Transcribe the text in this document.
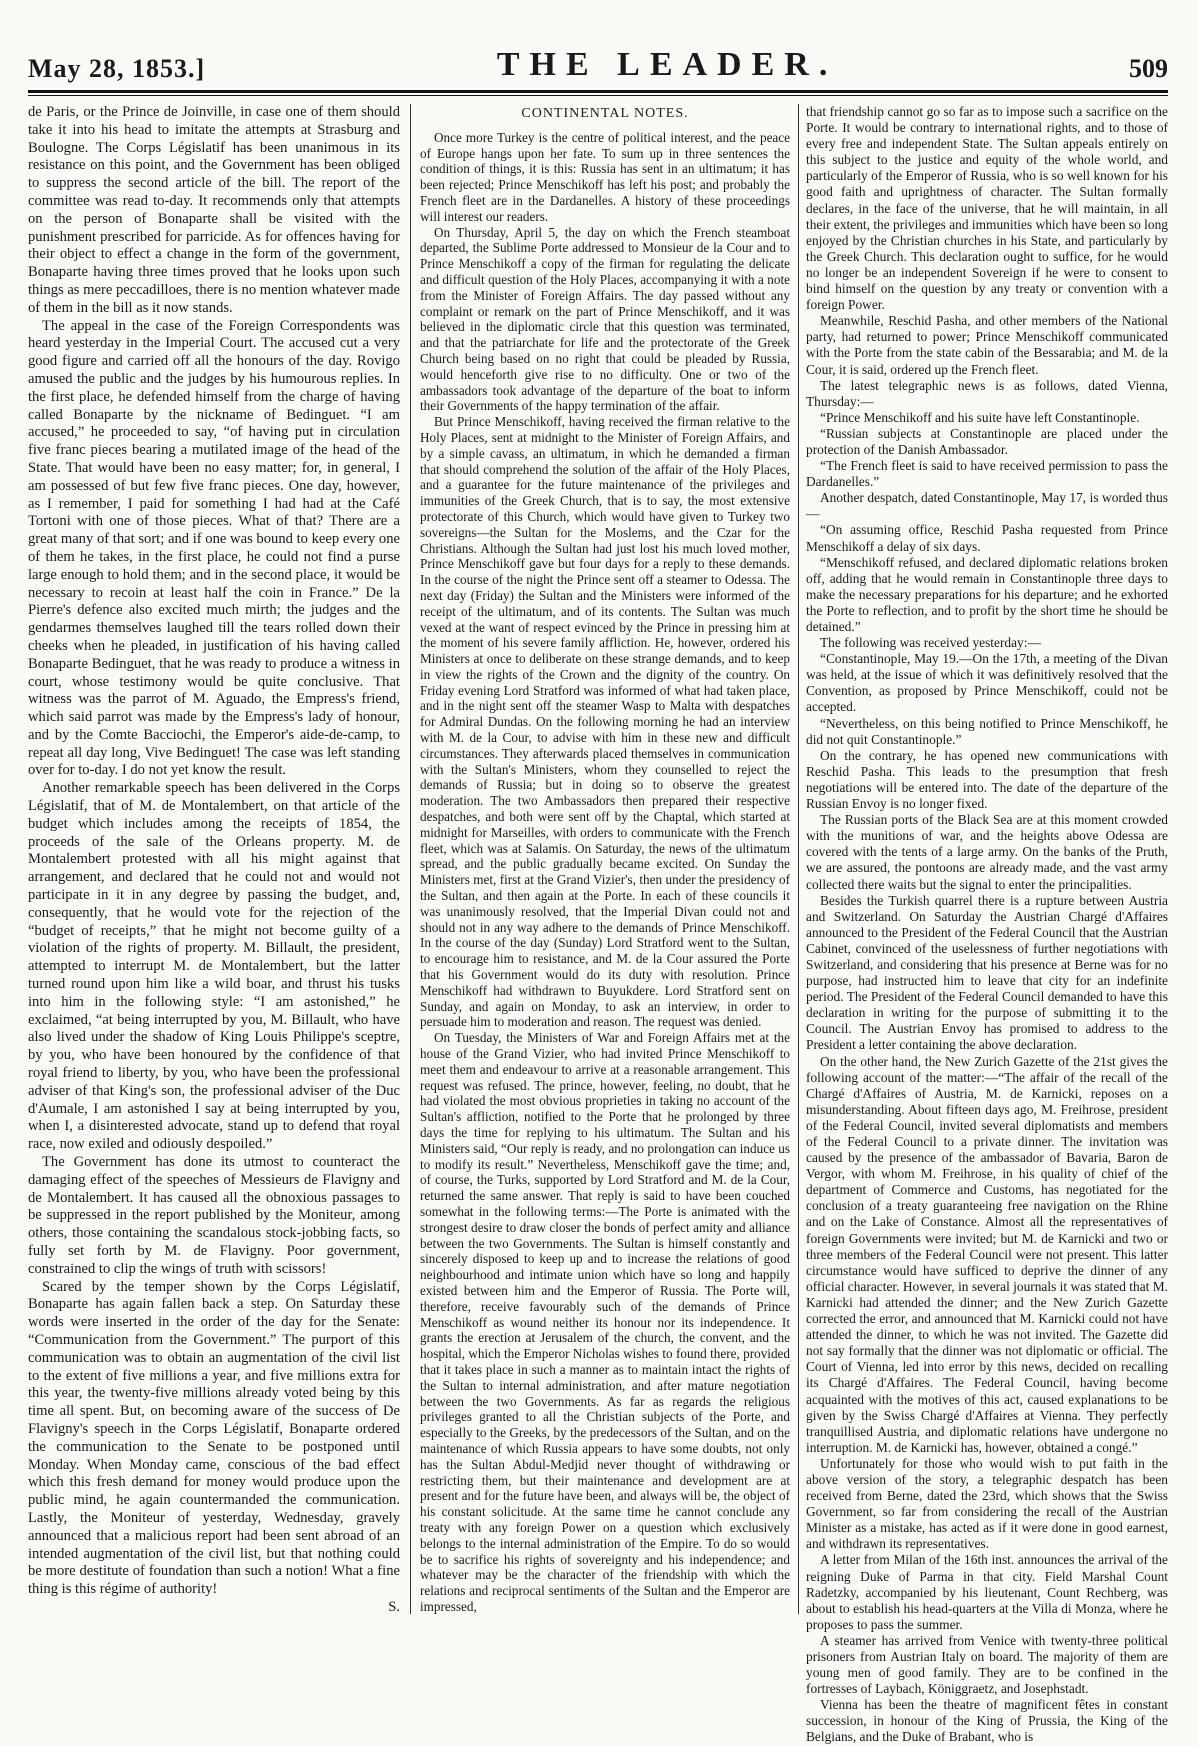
May 28, 1853.]	THE LEADER.	509

de Paris, or the Prince de Joinville, in case one of them should take it into his head to imitate the attempts at Strasburg and Boulogne. The Corps Législatif has been unanimous in its resistance on this point, and the Government has been obliged to suppress the second article of the bill. The report of the committee was read to-day. It recommends only that attempts on the person of Bonaparte shall be visited with the punishment prescribed for parricide. As for offences having for their object to effect a change in the form of the government, Bonaparte having three times proved that he looks upon such things as mere peccadilloes, there is no mention whatever made of them in the bill as it now stands.

The appeal in the case of the Foreign Correspondents was heard yesterday in the Imperial Court. The accused cut a very good figure and carried off all the honours of the day. Rovigo amused the public and the judges by his humourous replies. In the first place, he defended himself from the charge of having called Bonaparte by the nickname of Bedinguet. “I am accused,” he proceeded to say, “of having put in circulation five franc pieces bearing a mutilated image of the head of the State. That would have been no easy matter; for, in general, I am possessed of but few five franc pieces. One day, however, as I remember, I paid for something I had had at the Café Tortoni with one of those pieces. What of that? There are a great many of that sort; and if one was bound to keep every one of them he takes, in the first place, he could not find a purse large enough to hold them; and in the second place, it would be necessary to recoin at least half the coin in France.” De la Pierre's defence also excited much mirth; the judges and the gendarmes themselves laughed till the tears rolled down their cheeks when he pleaded, in justification of his having called Bonaparte Bedinguet, that he was ready to produce a witness in court, whose testimony would be quite conclusive. That witness was the parrot of M. Aguado, the Empress's friend, which said parrot was made by the Empress's lady of honour, and by the Comte Bacciochi, the Emperor's aide-de-camp, to repeat all day long, Vive Bedinguet! The case was left standing over for to-day. I do not yet know the result.

Another remarkable speech has been delivered in the Corps Législatif, that of M. de Montalembert, on that article of the budget which includes among the receipts of 1854, the proceeds of the sale of the Orleans property. M. de Montalembert protested with all his might against that arrangement, and declared that he could not and would not participate in it in any degree by passing the budget, and, consequently, that he would vote for the rejection of the “budget of receipts,” that he might not become guilty of a violation of the rights of property. M. Billault, the president, attempted to interrupt M. de Montalembert, but the latter turned round upon him like a wild boar, and thrust his tusks into him in the following style: “I am astonished,” he exclaimed, “at being interrupted by you, M. Billault, who have also lived under the shadow of King Louis Philippe's sceptre, by you, who have been honoured by the confidence of that royal friend to liberty, by you, who have been the professional adviser of that King's son, the professional adviser of the Duc d'Aumale, I am astonished I say at being interrupted by you, when I, a disinterested advocate, stand up to defend that royal race, now exiled and odiously despoiled.”

The Government has done its utmost to counteract the damaging effect of the speeches of Messieurs de Flavigny and de Montalembert. It has caused all the obnoxious passages to be suppressed in the report published by the Moniteur, among others, those containing the scandalous stock-jobbing facts, so fully set forth by M. de Flavigny. Poor government, constrained to clip the wings of truth with scissors!

Scared by the temper shown by the Corps Législatif, Bonaparte has again fallen back a step. On Saturday these words were inserted in the order of the day for the Senate: “Communication from the Government.” The purport of this communication was to obtain an augmentation of the civil list to the extent of five millions a year, and five millions extra for this year, the twenty-five millions already voted being by this time all spent. But, on becoming aware of the success of De Flavigny's speech in the Corps Législatif, Bonaparte ordered the communication to the Senate to be postponed until Monday. When Monday came, conscious of the bad effect which this fresh demand for money would produce upon the public mind, he again countermanded the communication. Lastly, the Moniteur of yesterday, Wednesday, gravely announced that a malicious report had been sent abroad of an intended augmentation of the civil list, but that nothing could be more destitute of foundation than such a notion! What a fine thing is this régime of authority!

S.

CONTINENTAL NOTES.

Once more Turkey is the centre of political interest, and the peace of Europe hangs upon her fate. To sum up in three sentences the condition of things, it is this: Russia has sent in an ultimatum; it has been rejected; Prince Menschikoff has left his post; and probably the French fleet are in the Dardanelles. A history of these proceedings will interest our readers.

On Thursday, April 5, the day on which the French steamboat departed, the Sublime Porte addressed to Monsieur de la Cour and to Prince Menschikoff a copy of the firman for regulating the delicate and difficult question of the Holy Places, accompanying it with a note from the Minister of Foreign Affairs. The day passed without any complaint or remark on the part of Prince Menschikoff, and it was believed in the diplomatic circle that this question was terminated, and that the patriarchate for life and the protectorate of the Greek Church being based on no right that could be pleaded by Russia, would henceforth give rise to no difficulty. One or two of the ambassadors took advantage of the departure of the boat to inform their Governments of the happy termination of the affair.

But Prince Menschikoff, having received the firman relative to the Holy Places, sent at midnight to the Minister of Foreign Affairs, and by a simple cavass, an ultimatum, in which he demanded a firman that should comprehend the solution of the affair of the Holy Places, and a guarantee for the future maintenance of the privileges and immunities of the Greek Church, that is to say, the most extensive protectorate of this Church, which would have given to Turkey two sovereigns—the Sultan for the Moslems, and the Czar for the Christians. Although the Sultan had just lost his much loved mother, Prince Menschikoff gave but four days for a reply to these demands. In the course of the night the Prince sent off a steamer to Odessa. The next day (Friday) the Sultan and the Ministers were informed of the receipt of the ultimatum, and of its contents. The Sultan was much vexed at the want of respect evinced by the Prince in pressing him at the moment of his severe family affliction. He, however, ordered his Ministers at once to deliberate on these strange demands, and to keep in view the rights of the Crown and the dignity of the country. On Friday evening Lord Stratford was informed of what had taken place, and in the night sent off the steamer Wasp to Malta with despatches for Admiral Dundas. On the following morning he had an interview with M. de la Cour, to advise with him in these new and difficult circumstances. They afterwards placed themselves in communication with the Sultan's Ministers, whom they counselled to reject the demands of Russia; but in doing so to observe the greatest moderation. The two Ambassadors then prepared their respective despatches, and both were sent off by the Chaptal, which started at midnight for Marseilles, with orders to communicate with the French fleet, which was at Salamis. On Saturday, the news of the ultimatum spread, and the public gradually became excited. On Sunday the Ministers met, first at the Grand Vizier's, then under the presidency of the Sultan, and then again at the Porte. In each of these councils it was unanimously resolved, that the Imperial Divan could not and should not in any way adhere to the demands of Prince Menschikoff. In the course of the day (Sunday) Lord Stratford went to the Sultan, to encourage him to resistance, and M. de la Cour assured the Porte that his Government would do its duty with resolution. Prince Menschikoff had withdrawn to Buyukdere. Lord Stratford sent on Sunday, and again on Monday, to ask an interview, in order to persuade him to moderation and reason. The request was denied.

On Tuesday, the Ministers of War and Foreign Affairs met at the house of the Grand Vizier, who had invited Prince Menschikoff to meet them and endeavour to arrive at a reasonable arrangement. This request was refused. The prince, however, feeling, no doubt, that he had violated the most obvious proprieties in taking no account of the Sultan's affliction, notified to the Porte that he prolonged by three days the time for replying to his ultimatum. The Sultan and his Ministers said, “Our reply is ready, and no prolongation can induce us to modify its result.” Nevertheless, Menschikoff gave the time; and, of course, the Turks, supported by Lord Stratford and M. de la Cour, returned the same answer. That reply is said to have been couched somewhat in the following terms:—The Porte is animated with the strongest desire to draw closer the bonds of perfect amity and alliance between the two Governments. The Sultan is himself constantly and sincerely disposed to keep up and to increase the relations of good neighbourhood and intimate union which have so long and happily existed between him and the Emperor of Russia. The Porte will, therefore, receive favourably such of the demands of Prince Menschikoff as wound neither its honour nor its independence. It grants the erection at Jerusalem of the church, the convent, and the hospital, which the Emperor Nicholas wishes to found there, provided that it takes place in such a manner as to maintain intact the rights of the Sultan to internal administration, and after mature negotiation between the two Governments. As far as regards the religious privileges granted to all the Christian subjects of the Porte, and especially to the Greeks, by the predecessors of the Sultan, and on the maintenance of which Russia appears to have some doubts, not only has the Sultan Abdul-Medjid never thought of withdrawing or restricting them, but their maintenance and development are at present and for the future have been, and always will be, the object of his constant solicitude. At the same time he cannot conclude any treaty with any foreign Power on a question which exclusively belongs to the internal administration of the Empire. To do so would be to sacrifice his rights of sovereignty and his independence; and whatever may be the character of the friendship with which the relations and reciprocal sentiments of the Sultan and the Emperor are impressed,

that friendship cannot go so far as to impose such a sacrifice on the Porte. It would be contrary to international rights, and to those of every free and independent State. The Sultan appeals entirely on this subject to the justice and equity of the whole world, and particularly of the Emperor of Russia, who is so well known for his good faith and uprightness of character. The Sultan formally declares, in the face of the universe, that he will maintain, in all their extent, the privileges and immunities which have been so long enjoyed by the Christian churches in his State, and particularly by the Greek Church. This declaration ought to suffice, for he would no longer be an independent Sovereign if he were to consent to bind himself on the question by any treaty or convention with a foreign Power.

Meanwhile, Reschid Pasha, and other members of the National party, had returned to power; Prince Menschikoff communicated with the Porte from the state cabin of the Bessarabia; and M. de la Cour, it is said, ordered up the French fleet.

The latest telegraphic news is as follows, dated Vienna, Thursday:—

“Prince Menschikoff and his suite have left Constantinople.

“Russian subjects at Constantinople are placed under the protection of the Danish Ambassador.

“The French fleet is said to have received permission to pass the Dardanelles.”

Another despatch, dated Constantinople, May 17, is worded thus—

“On assuming office, Reschid Pasha requested from Prince Menschikoff a delay of six days.

“Menschikoff refused, and declared diplomatic relations broken off, adding that he would remain in Constantinople three days to make the necessary preparations for his departure; and he exhorted the Porte to reflection, and to profit by the short time he should be detained.”

The following was received yesterday:—

“Constantinople, May 19.—On the 17th, a meeting of the Divan was held, at the issue of which it was definitively resolved that the Convention, as proposed by Prince Menschikoff, could not be accepted.

“Nevertheless, on this being notified to Prince Menschikoff, he did not quit Constantinople.”

On the contrary, he has opened new communications with Reschid Pasha. This leads to the presumption that fresh negotiations will be entered into. The date of the departure of the Russian Envoy is no longer fixed.

The Russian ports of the Black Sea are at this moment crowded with the munitions of war, and the heights above Odessa are covered with the tents of a large army. On the banks of the Pruth, we are assured, the pontoons are already made, and the vast army collected there waits but the signal to enter the principalities.

Besides the Turkish quarrel there is a rupture between Austria and Switzerland. On Saturday the Austrian Chargé d'Affaires announced to the President of the Federal Council that the Austrian Cabinet, convinced of the uselessness of further negotiations with Switzerland, and considering that his presence at Berne was for no purpose, had instructed him to leave that city for an indefinite period. The President of the Federal Council demanded to have this declaration in writing for the purpose of submitting it to the Council. The Austrian Envoy has promised to address to the President a letter containing the above declaration.

On the other hand, the New Zurich Gazette of the 21st gives the following account of the matter:—“The affair of the recall of the Chargé d'Affaires of Austria, M. de Karnicki, reposes on a misunderstanding. About fifteen days ago, M. Freihrose, president of the Federal Council, invited several diplomatists and members of the Federal Council to a private dinner. The invitation was caused by the presence of the ambassador of Bavaria, Baron de Vergor, with whom M. Freihrose, in his quality of chief of the department of Commerce and Customs, has negotiated for the conclusion of a treaty guaranteeing free navigation on the Rhine and on the Lake of Constance. Almost all the representatives of foreign Governments were invited; but M. de Karnicki and two or three members of the Federal Council were not present. This latter circumstance would have sufficed to deprive the dinner of any official character. However, in several journals it was stated that M. Karnicki had attended the dinner; and the New Zurich Gazette corrected the error, and announced that M. Karnicki could not have attended the dinner, to which he was not invited. The Gazette did not say formally that the dinner was not diplomatic or official. The Court of Vienna, led into error by this news, decided on recalling its Chargé d'Affaires. The Federal Council, having become acquainted with the motives of this act, caused explanations to be given by the Swiss Chargé d'Affaires at Vienna. They perfectly tranquillised Austria, and diplomatic relations have undergone no interruption. M. de Karnicki has, however, obtained a congé.”

Unfortunately for those who would wish to put faith in the above version of the story, a telegraphic despatch has been received from Berne, dated the 23rd, which shows that the Swiss Government, so far from considering the recall of the Austrian Minister as a mistake, has acted as if it were done in good earnest, and withdrawn its representatives.

A letter from Milan of the 16th inst. announces the arrival of the reigning Duke of Parma in that city. Field Marshal Count Radetzky, accompanied by his lieutenant, Count Rechberg, was about to establish his head-quarters at the Villa di Monza, where he proposes to pass the summer.

A steamer has arrived from Venice with twenty-three political prisoners from Austrian Italy on board. The majority of them are young men of good family. They are to be confined in the fortresses of Laybach, Königgraetz, and Josephstadt.

Vienna has been the theatre of magnificent fêtes in constant succession, in honour of the King of Prussia, the King of the Belgians, and the Duke of Brabant, who is
